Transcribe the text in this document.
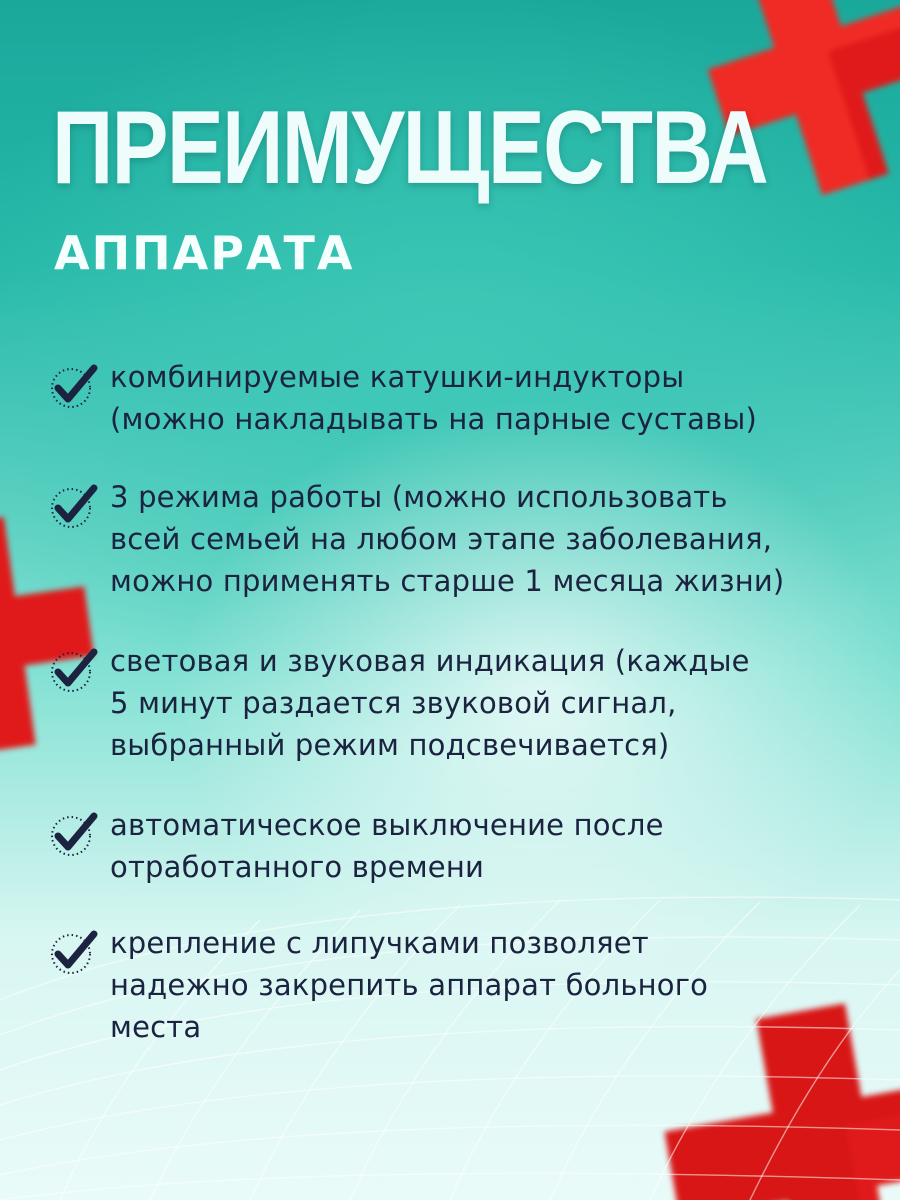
ПРЕИМУЩЕСТВА
АППАРАТА
комбинируемые катушки-индукторы
(можно накладывать на парные суставы)
3 режима работы (можно использовать
всей семьей на любом этапе заболевания,
можно применять старше 1 месяца жизни)
световая и звуковая индикация (каждые
5 минут раздается звуковой сигнал,
выбранный режим подсвечивается)
автоматическое выключение после
отработанного времени
крепление с липучками позволяет
надежно закрепить аппарат больного
места
